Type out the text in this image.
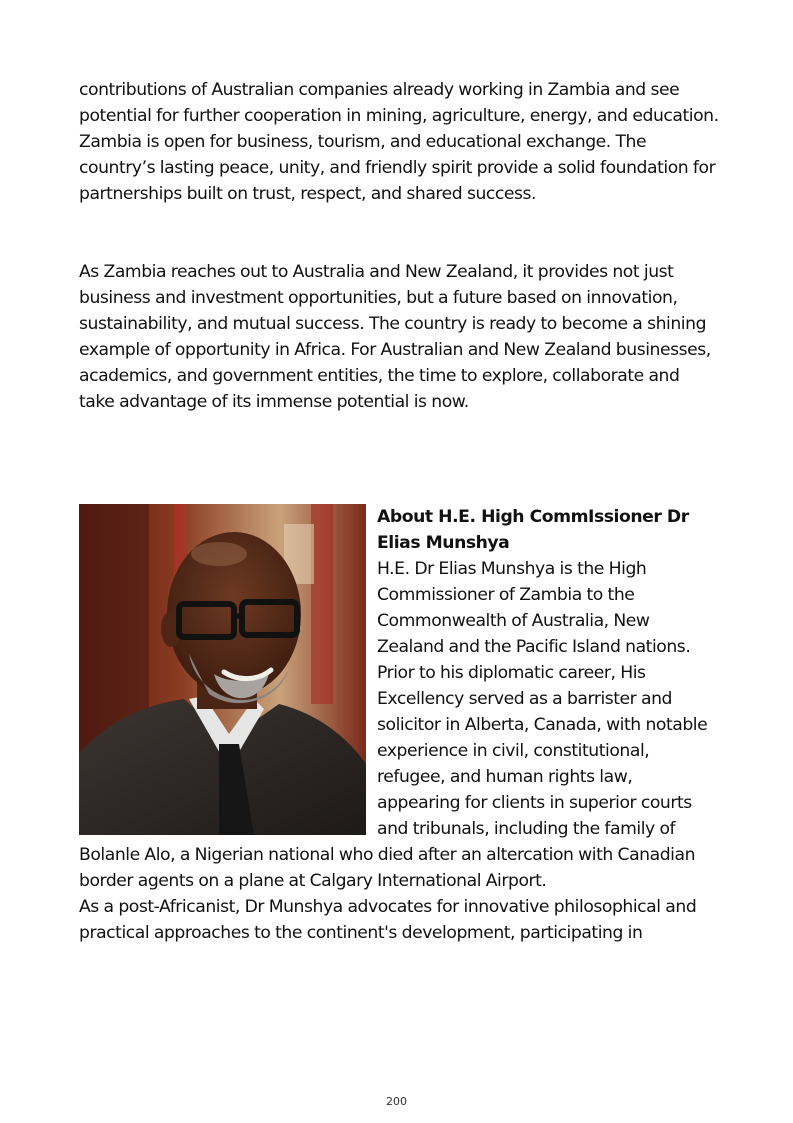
contributions of Australian companies already working in Zambia and see potential for further cooperation in mining, agriculture, energy, and education. Zambia is open for business, tourism, and educational exchange. The country’s lasting peace, unity, and friendly spirit provide a solid foundation for partnerships built on trust, respect, and shared success.

As Zambia reaches out to Australia and New Zealand, it provides not just business and investment opportunities, but a future based on innovation, sustainability, and mutual success. The country is ready to become a shining example of opportunity in Africa. For Australian and New Zealand businesses, academics, and government entities, the time to explore, collaborate and take advantage of its immense potential is now.

About H.E. High CommIssioner Dr Elias Munshya

H.E. Dr Elias Munshya is the High Commissioner of Zambia to the Commonwealth of Australia, New Zealand and the Pacific Island nations.

Prior to his diplomatic career, His Excellency served as a barrister and solicitor in Alberta, Canada, with notable experience in civil, constitutional, refugee, and human rights law, appearing for clients in superior courts and tribunals, including the family of Bolanle Alo, a Nigerian national who died after an altercation with Canadian border agents on a plane at Calgary International Airport.

As a post-Africanist, Dr Munshya advocates for innovative philosophical and practical approaches to the continent's development, participating in

200
